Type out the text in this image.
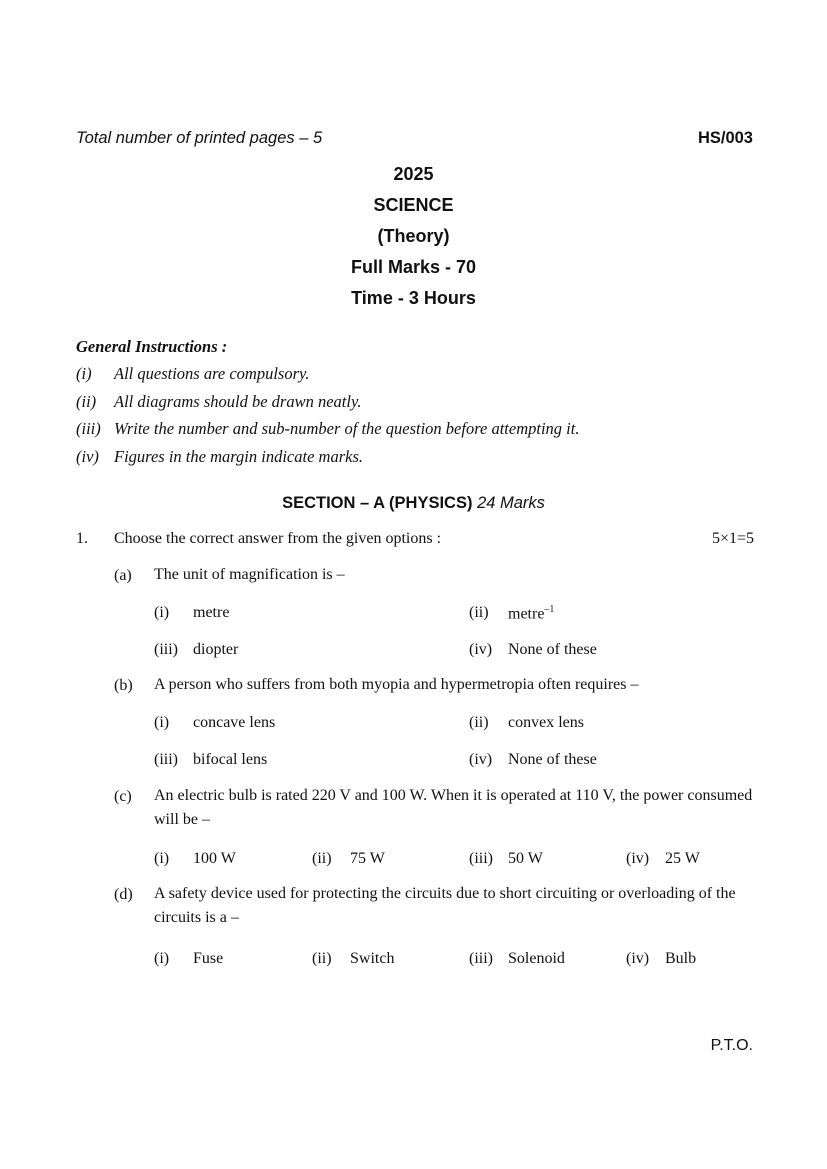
Total number of printed pages – 5	HS/003
2025
SCIENCE
(Theory)
Full Marks - 70
Time - 3 Hours
General Instructions :
(i) All questions are compulsory.
(ii) All diagrams should be drawn neatly.
(iii) Write the number and sub-number of the question before attempting it.
(iv) Figures in the margin indicate marks.
SECTION – A (PHYSICS) 24 Marks
1. Choose the correct answer from the given options :	5×1=5
(a) The unit of magnification is –
(i) metre	(ii) metre$^{-1}$
(iii) diopter	(iv) None of these
(b) A person who suffers from both myopia and hypermetropia often requires –
(i) concave lens	(ii) convex lens
(iii) bifocal lens	(iv) None of these
(c) An electric bulb is rated 220 V and 100 W. When it is operated at 110 V, the power consumed will be –
(i) 100 W	(ii) 75 W	(iii) 50 W	(iv) 25 W
(d) A safety device used for protecting the circuits due to short circuiting or overloading of the circuits is a –
(i) Fuse	(ii) Switch	(iii) Solenoid	(iv) Bulb
P.T.O.
